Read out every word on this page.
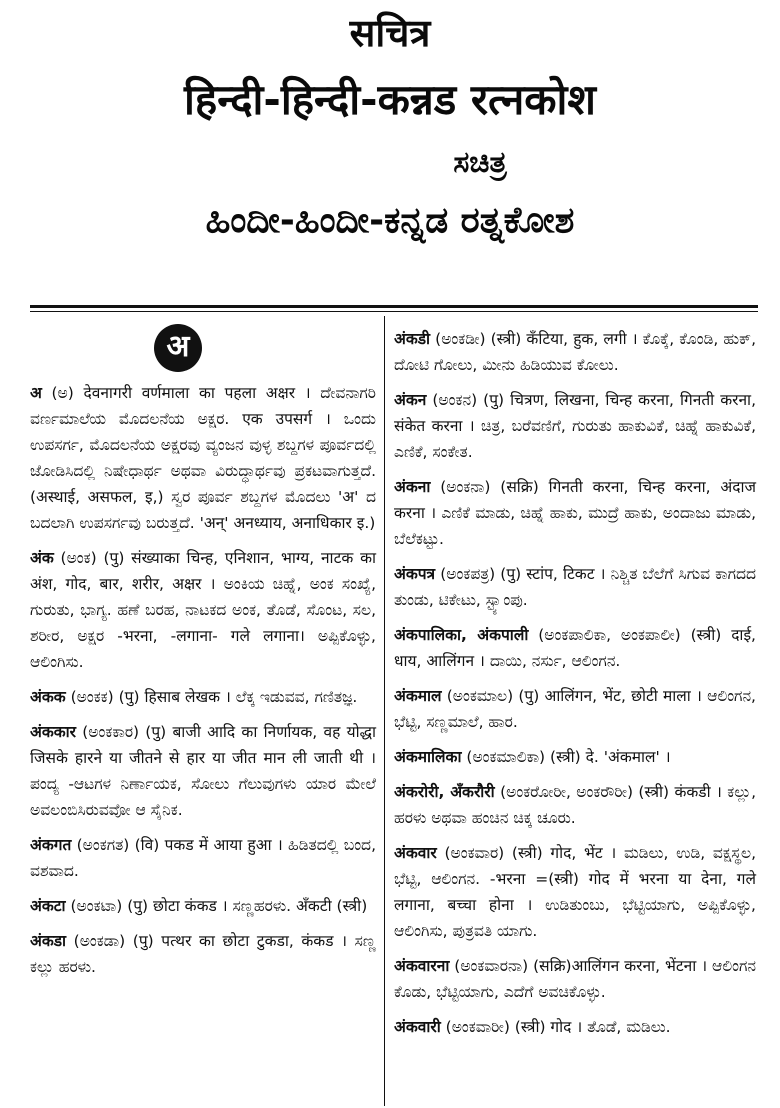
सचित्र
हिन्दी-हिन्दी-कन्नड रत्नकोश
ಸಚಿತ್ರ
ಹಿಂದೀ-ಹಿಂದೀ-ಕನ್ನಡ ರತ್ನಕೋಶ
अ
अ (ಅ) देवनागरी वर्णमाला का पहला अक्षर । ದೇವನಾಗರಿ ವರ್ಣಮಾಲೆಯ ಮೊದಲನೆಯ ಅಕ್ಷರ. एक उपसर्ग । ಒಂದು ಉಪಸರ್ಗ, ಮೊದಲನೆಯ ಅಕ್ಷರವು ವ್ಯಂಜನ ವುಳ್ಳ ಶಬ್ದಗಳ ಪೂರ್ವದಲ್ಲಿ ಜೋಡಿಸಿದಲ್ಲಿ ನಿಷೇಧಾರ್ಥ ಅಥವಾ ವಿರುದ್ಧಾರ್ಥವು ಪ್ರಕಟವಾಗುತ್ತದೆ. (अस्थाई, असफल, इ,) ಸ್ವರ ಪೂರ್ವ ಶಬ್ದಗಳ ಮೊದಲು 'अ' ದ ಬದಲಾಗಿ ಉಪಸರ್ಗವು ಬರುತ್ತದೆ. 'अन्' अनध्याय, अनाधिकार इ.)
अंक (ಅಂಕ) (पु) संख्याका चिन्ह, एनिशान, भाग्य, नाटक का अंश, गोद, बार, शरीर, अक्षर । ಅಂಕಿಯ ಚಿಹ್ನೆ, ಅಂಕ ಸಂಖ್ಯೆ, ಗುರುತು, ಭಾಗ್ಯ. ಹಣೆ ಬರಹ, ನಾಟಕದ ಅಂಕ, ತೊಡೆ, ಸೊಂಟ, ಸಲ, ಶರೀರ, ಅಕ್ಷರ -भरना, -लगाना- गले लगाना। ಅಪ್ಪಿಕೊಳ್ಳು, ಆಲಿಂಗಿಸು.
अंकक (ಅಂಕಕ) (पु) हिसाब लेखक । ಲೆಕ್ಕ ಇಡುವವ, ಗಣಿತಜ್ಞ.
अंककार (ಅಂಕಕಾರ) (पु) बाजी आदि का निर्णायक, वह योद्धा जिसके हारने या जीतने से हार या जीत मान ली जाती थी । ಪಂದ್ಯ -ಆಟಗಳ ನಿರ್ಣಾಯಕ, ಸೋಲು ಗೆಲುವುಗಳು ಯಾರ ಮೇಲೆ ಅವಲಂಬಿಸಿರುವವೋ ಆ ಸೈನಿಕ.
अंकगत (ಅಂಕಗತ) (वि) पकड में आया हुआ । ಹಿಡಿತದಲ್ಲಿ ಬಂದ, ವಶವಾದ.
अंकटा (ಅಂಕಟಾ) (पु) छोटा कंकड । ಸಣ್ಣಹರಳು. अँकटी (स्त्री)
अंकडा (ಅಂಕಡಾ) (पु) पत्थर का छोटा टुकडा, कंकड । ಸಣ್ಣ ಕಲ್ಲು ಹರಳು.
अंकडी (ಅಂಕಡೀ) (स्त्री) कँटिया, हुक, लगी । ಕೊಕ್ಕೆ, ಕೊಂಡಿ, ಹುಕ್, ದೋಟಿ ಗೋಲು, ಮೀನು ಹಿಡಿಯುವ ಕೋಲು.
अंकन (ಅಂಕನ) (पु) चित्रण, लिखना, चिन्ह करना, गिनती करना, संकेत करना । ಚಿತ್ರ, ಬರೆವಣಿಗೆ, ಗುರುತು ಹಾಕುವಿಕೆ, ಚಿಹ್ನೆ ಹಾಕುವಿಕೆ, ಎಣಿಕೆ, ಸಂಕೇತ.
अंकना (ಅಂಕನಾ) (सक्रि) गिनती करना, चिन्ह करना, अंदाज करना । ಎಣಿಕೆ ಮಾಡು, ಚಿಹ್ನೆ ಹಾಕು, ಮುದ್ರೆ ಹಾಕು, ಅಂದಾಜು ಮಾಡು, ಬೆಲೆಕಟ್ಟು.
अंकपत्र (ಅಂಕಪತ್ರ) (पु) स्टांप, टिकट । ನಿಶ್ಚಿತ ಬೆಲೆಗೆ ಸಿಗುವ ಕಾಗದದ ತುಂಡು, ಟಿಕೇಟು, ಸ್ಟ್ಯಾಂಪು.
अंकपालिका, अंकपाली (ಅಂಕಪಾಲಿಕಾ, ಅಂಕಪಾಲೀ) (स्त्री) दाई, धाय, आलिंगन । ದಾಯಿ, ನರ್ಸು, ಆಲಿಂಗನ.
अंकमाल (ಅಂಕಮಾಲ) (पु) आलिंगन, भेंट, छोटी माला । ಆಲಿಂಗನ, ಭೆಟ್ಟಿ, ಸಣ್ಣಮಾಲೆ, ಹಾರ.
अंकमालिका (ಅಂಕಮಾಲಿಕಾ) (स्त्री) दे. 'अंकमाल' ।
अंकरोरी, अँकरौरी (ಅಂಕರೋರೀ, ಅಂಕರೌರೀ) (स्त्री) कंकडी । ಕಲ್ಲು, ಹರಳು ಅಥವಾ ಹಂಚಿನ ಚಿಕ್ಕ ಚೂರು.
अंकवार (ಅಂಕವಾರ) (स्त्री) गोद, भेंट । ಮಡಿಲು, ಉಡಿ, ವಕ್ಷಸ್ಥಲ, ಭೆಟ್ಟಿ, ಆಲಿಂಗನ. -भरना =(स्त्री) गोद में भरना या देना, गले लगाना, बच्चा होना । ಉಡಿತುಂಬು, ಭೆಟ್ಟಿಯಾಗು, ಅಪ್ಪಿಕೊಳ್ಳು, ಆಲಿಂಗಿಸು, ಪುತ್ರವತಿ ಯಾಗು.
अंकवारना (ಅಂಕವಾರನಾ) (सक्रि)आलिंगन करना, भेंटना । ಆಲಿಂಗನ ಕೊಡು, ಭೆಟ್ಟಿಯಾಗು, ಎದೆಗೆ ಅವಚಿಕೊಳ್ಳು.
अंकवारी (ಅಂಕವಾರೀ) (स्त्री) गोद । ತೊಡೆ, ಮಡಿಲು.
